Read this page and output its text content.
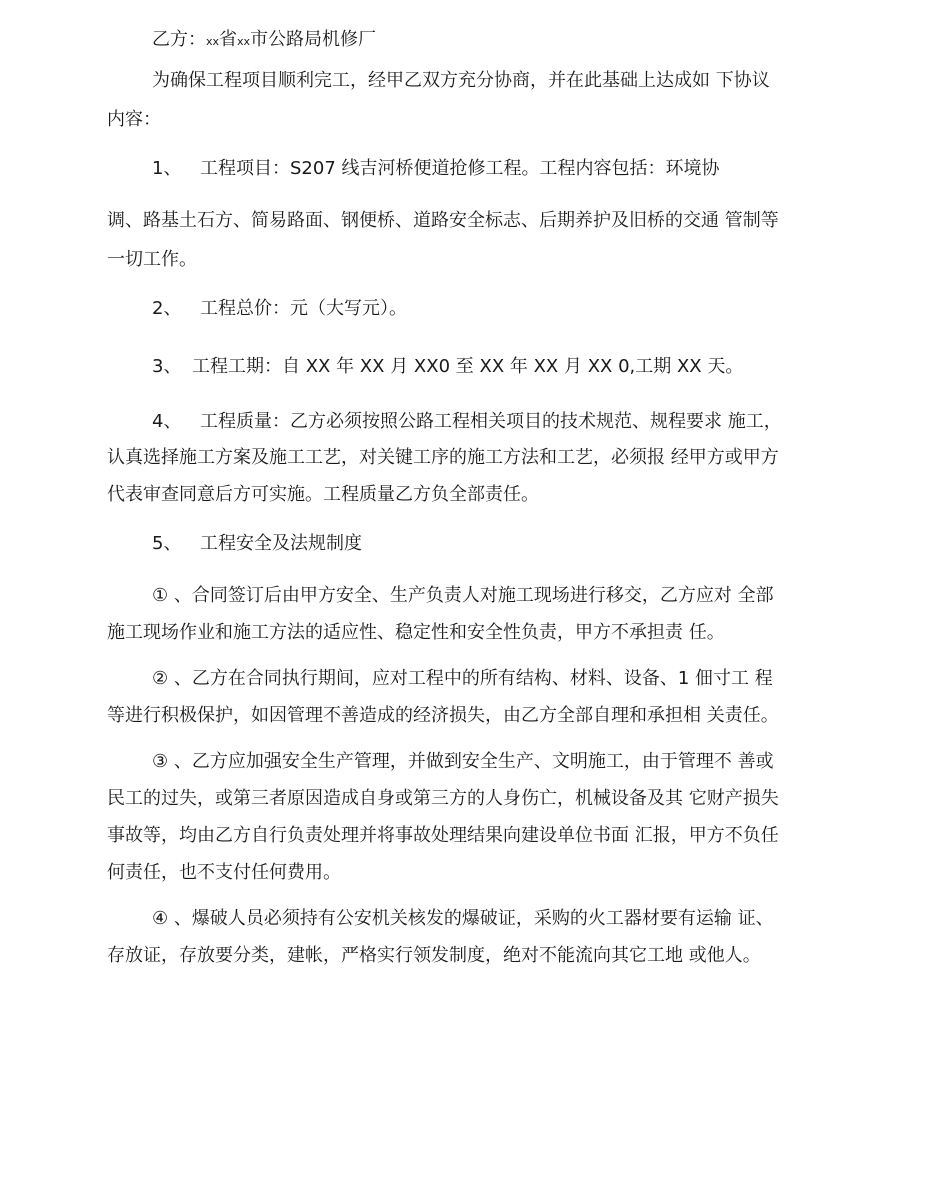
乙方：xx省xx市公路局机修厂
为确保工程项目顺利完工，经甲乙双方充分协商，并在此基础上达成如 下协议
内容：
1、 工程项目：S207 线吉河桥便道抢修工程。工程内容包括：环境协
调、路基土石方、简易路面、钢便桥、道路安全标志、后期养护及旧桥的交通 管制等
一切工作。
2、 工程总价：元（大写元）。
3、 工程工期：自 XX 年 XX 月 XX0 至 XX 年 XX 月 XX 0,工期 XX 天。
4、 工程质量：乙方必须按照公路工程相关项目的技术规范、规程要求 施工，
认真选择施工方案及施工工艺，对关键工序的施工方法和工艺，必须报 经甲方或甲方
代表审查同意后方可实施。工程质量乙方负全部责任。
5、 工程安全及法规制度
① 、合同签订后由甲方安全、生产负责人对施工现场进行移交，乙方应对 全部
施工现场作业和施工方法的适应性、稳定性和安全性负责，甲方不承担责 任。
② 、乙方在合同执行期间，应对工程中的所有结构、材料、设备、1 佃寸工 程
等进行积极保护，如因管理不善造成的经济损失，由乙方全部自理和承担相 关责任。
③ 、乙方应加强安全生产管理，并做到安全生产、文明施工，由于管理不 善或
民工的过失，或第三者原因造成自身或第三方的人身伤亡，机械设备及其 它财产损失
事故等，均由乙方自行负责处理并将事故处理结果向建设单位书面 汇报，甲方不负任
何责任，也不支付任何费用。
④ 、爆破人员必须持有公安机关核发的爆破证，采购的火工器材要有运输 证、
存放证，存放要分类，建帐，严格实行领发制度，绝对不能流向其它工地 或他人。
